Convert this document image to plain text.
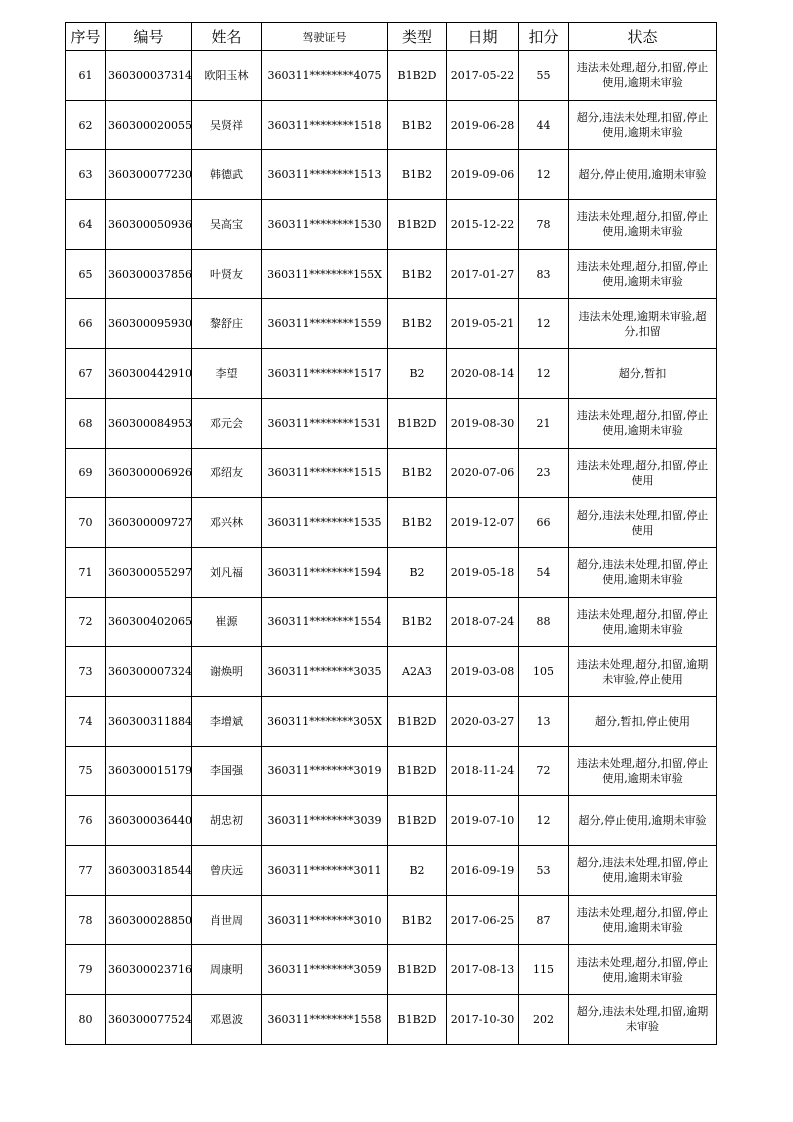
序号	编号	姓名	驾驶证号	类型	日期	扣分	状态
61	360300037314	欧阳玉林	360311********4075	B1B2D	2017-05-22	55	违法未处理,超分,扣留,停止使用,逾期未审验
62	360300020055	吴贤祥	360311********1518	B1B2	2019-06-28	44	超分,违法未处理,扣留,停止使用,逾期未审验
63	360300077230	韩德武	360311********1513	B1B2	2019-09-06	12	超分,停止使用,逾期未审验
64	360300050936	吴高宝	360311********1530	B1B2D	2015-12-22	78	违法未处理,超分,扣留,停止使用,逾期未审验
65	360300037856	叶贤友	360311********155X	B1B2	2017-01-27	83	违法未处理,超分,扣留,停止使用,逾期未审验
66	360300095930	黎舒庄	360311********1559	B1B2	2019-05-21	12	违法未处理,逾期未审验,超分,扣留
67	360300442910	李望	360311********1517	B2	2020-08-14	12	超分,暂扣
68	360300084953	邓元会	360311********1531	B1B2D	2019-08-30	21	违法未处理,超分,扣留,停止使用,逾期未审验
69	360300006926	邓绍友	360311********1515	B1B2	2020-07-06	23	违法未处理,超分,扣留,停止使用
70	360300009727	邓兴林	360311********1535	B1B2	2019-12-07	66	超分,违法未处理,扣留,停止使用
71	360300055297	刘凡福	360311********1594	B2	2019-05-18	54	超分,违法未处理,扣留,停止使用,逾期未审验
72	360300402065	崔源	360311********1554	B1B2	2018-07-24	88	违法未处理,超分,扣留,停止使用,逾期未审验
73	360300007324	谢焕明	360311********3035	A2A3	2019-03-08	105	违法未处理,超分,扣留,逾期未审验,停止使用
74	360300311884	李增斌	360311********305X	B1B2D	2020-03-27	13	超分,暂扣,停止使用
75	360300015179	李国强	360311********3019	B1B2D	2018-11-24	72	违法未处理,超分,扣留,停止使用,逾期未审验
76	360300036440	胡忠初	360311********3039	B1B2D	2019-07-10	12	超分,停止使用,逾期未审验
77	360300318544	曾庆远	360311********3011	B2	2016-09-19	53	超分,违法未处理,扣留,停止使用,逾期未审验
78	360300028850	肖世周	360311********3010	B1B2	2017-06-25	87	违法未处理,超分,扣留,停止使用,逾期未审验
79	360300023716	周康明	360311********3059	B1B2D	2017-08-13	115	违法未处理,超分,扣留,停止使用,逾期未审验
80	360300077524	邓恩波	360311********1558	B1B2D	2017-10-30	202	超分,违法未处理,扣留,逾期未审验
